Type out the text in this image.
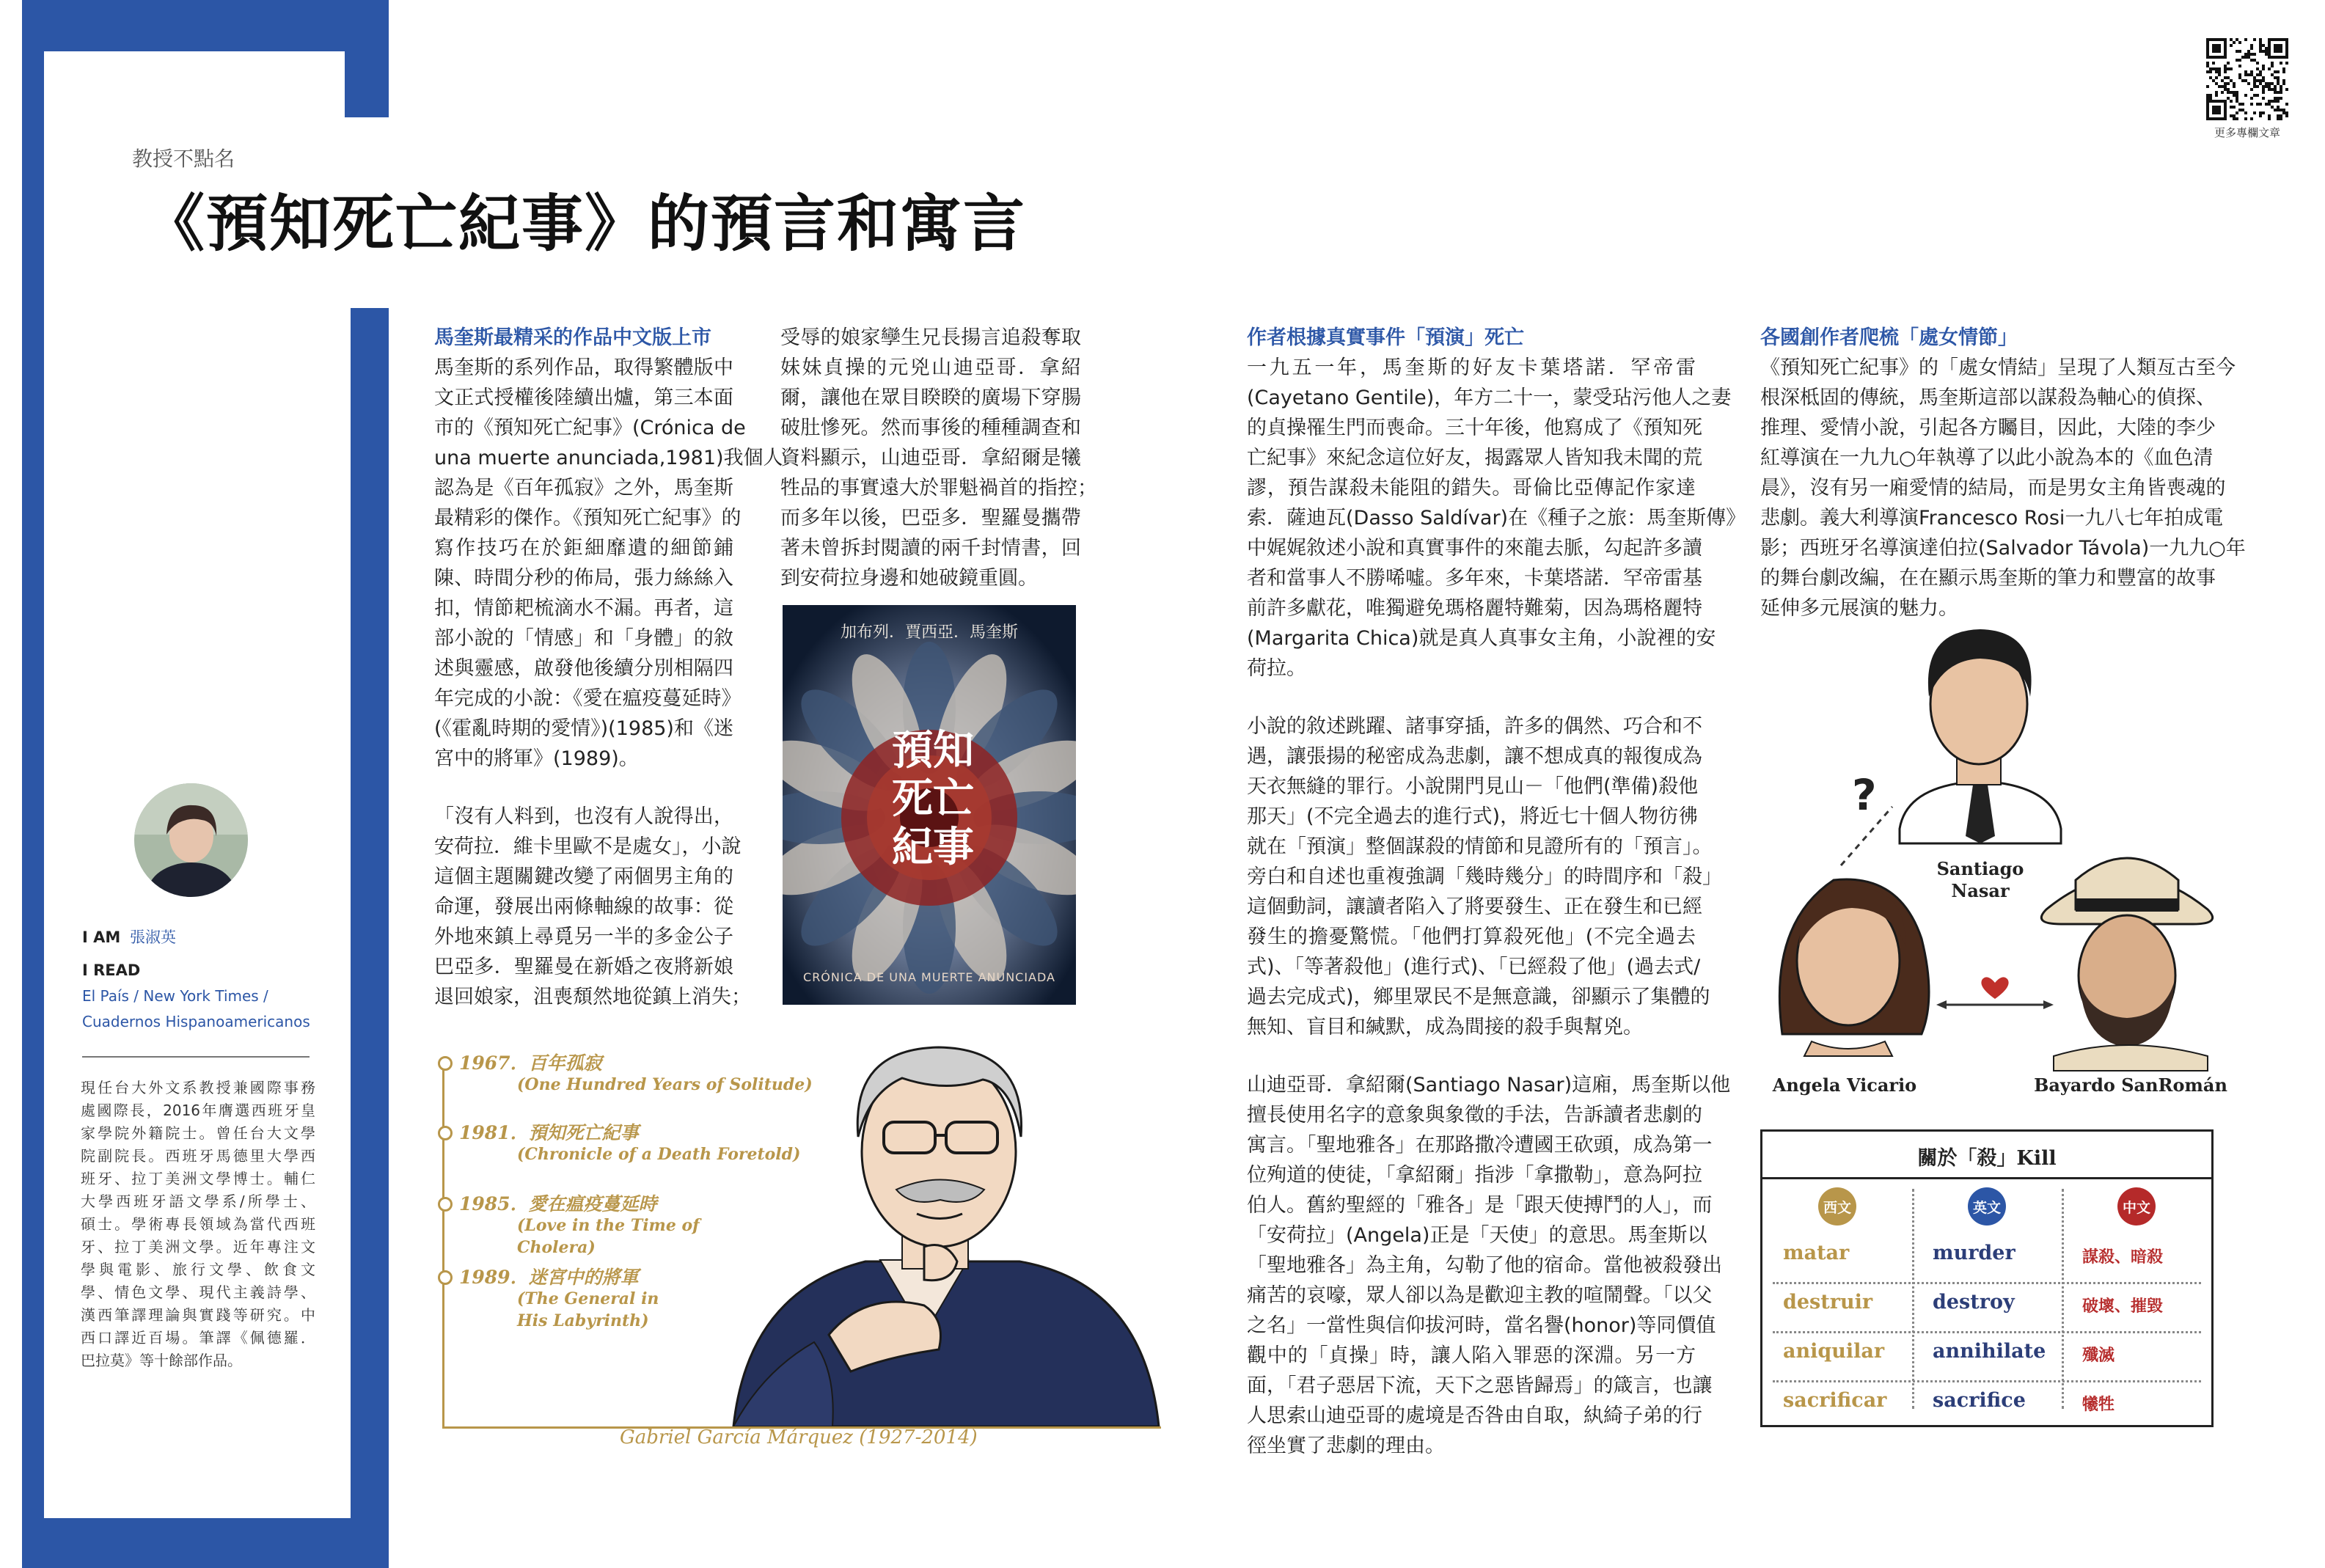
教授不點名
《預知死亡紀事》的預言和寓言
更多專欄文章
I AM 張淑英
I READ
El País / New York Times /
Cuadernos Hispanoamericanos
現任台大外文系教授兼國際事務
處國際長，2016年膺選西班牙皇
家學院外籍院士。曾任台大文學
院副院長。西班牙馬德里大學西
班牙、拉丁美洲文學博士。輔仁
大學西班牙語文學系/所學士、
碩士。學術專長領域為當代西班
牙、拉丁美洲文學。近年專注文
學與電影、旅行文學、飲食文
學、情色文學、現代主義詩學、
漢西筆譯理論與實踐等研究。中
西口譯近百場。筆譯《佩德羅．
巴拉莫》等十餘部作品。
馬奎斯最精采的作品中文版上市
馬奎斯的系列作品，取得繁體版中
文正式授權後陸續出爐，第三本面
市的《預知死亡紀事》(Crónica de
una muerte anunciada,1981)我個人
認為是《百年孤寂》之外，馬奎斯
最精彩的傑作。《預知死亡紀事》的
寫作技巧在於鉅細靡遺的細節鋪
陳、時間分秒的佈局，張力絲絲入
扣，情節耙梳滴水不漏。再者，這
部小說的「情感」和「身體」的敘
述與靈感，啟發他後續分別相隔四
年完成的小說：《愛在瘟疫蔓延時》
(《霍亂時期的愛情》)(1985)和《迷
宮中的將軍》(1989)。
「沒有人料到，也沒有人說得出，
安荷拉．維卡里歐不是處女」，小說
這個主題關鍵改變了兩個男主角的
命運，發展出兩條軸線的故事：從
外地來鎮上尋覓另一半的多金公子
巴亞多．聖羅曼在新婚之夜將新娘
退回娘家，沮喪頹然地從鎮上消失；
受辱的娘家孿生兄長揚言追殺奪取
妹妹貞操的元兇山迪亞哥．拿紹
爾，讓他在眾目睽睽的廣場下穿腸
破肚慘死。然而事後的種種調查和
資料顯示，山迪亞哥．拿紹爾是犧
牲品的事實遠大於罪魁禍首的指控；
而多年以後，巴亞多．聖羅曼攜帶
著未曾拆封閱讀的兩千封情書，回
到安荷拉身邊和她破鏡重圓。
加布列．賈西亞．馬奎斯
預知
死亡
紀事
CRÓNICA DE UNA MUERTE ANUNCIADA
1967．百年孤寂
(One Hundred Years of Solitude)
1981．預知死亡紀事
(Chronicle of a Death Foretold)
1985．愛在瘟疫蔓延時
(Love in the Time of
Cholera)
1989．迷宮中的將軍
(The General in
His Labyrinth)
Gabriel García Márquez (1927-2014)
作者根據真實事件「預演」死亡
一九五一年，馬奎斯的好友卡葉塔諾．罕帝雷
(Cayetano Gentile)，年方二十一，蒙受玷污他人之妻
的貞操罹生門而喪命。三十年後，他寫成了《預知死
亡紀事》來紀念這位好友，揭露眾人皆知我未聞的荒
謬，預告謀殺未能阻的錯失。哥倫比亞傳記作家達
索．薩迪瓦(Dasso Saldívar)在《種子之旅：馬奎斯傳》
中娓娓敘述小說和真實事件的來龍去脈，勾起許多讀
者和當事人不勝唏噓。多年來，卡葉塔諾．罕帝雷基
前許多獻花，唯獨避免瑪格麗特難菊，因為瑪格麗特
(Margarita Chica)就是真人真事女主角，小說裡的安
荷拉。
小說的敘述跳躍、諸事穿插，許多的偶然、巧合和不
遇，讓張揚的秘密成為悲劇，讓不想成真的報復成為
天衣無縫的罪行。小說開門見山－「他們(準備)殺他
那天」(不完全過去的進行式)，將近七十個人物彷彿
就在「預演」整個謀殺的情節和見證所有的「預言」。
旁白和自述也重複強調「幾時幾分」的時間序和「殺」
這個動詞，讓讀者陷入了將要發生、正在發生和已經
發生的擔憂驚慌。「他們打算殺死他」(不完全過去
式)、「等著殺他」(進行式)、「已經殺了他」(過去式/
過去完成式)，鄉里眾民不是無意識，卻顯示了集體的
無知、盲目和緘默，成為間接的殺手與幫兇。
山迪亞哥．拿紹爾(Santiago Nasar)這廂，馬奎斯以他
擅長使用名字的意象與象徵的手法，告訴讀者悲劇的
寓言。「聖地雅各」在那路撒冷遭國王砍頭，成為第一
位殉道的使徒，「拿紹爾」指涉「拿撒勒」，意為阿拉
伯人。舊約聖經的「雅各」是「跟天使搏鬥的人」，而
「安荷拉」(Angela)正是「天使」的意思。馬奎斯以
「聖地雅各」為主角，勾勒了他的宿命。當他被殺發出
痛苦的哀嚎，眾人卻以為是歡迎主教的喧鬧聲。「以父
之名」一當性與信仰拔河時，當名譽(honor)等同價值
觀中的「貞操」時，讓人陷入罪惡的深淵。另一方
面，「君子惡居下流，天下之惡皆歸焉」的箴言，也讓
人思索山迪亞哥的處境是否咎由自取，紈綺子弟的行
徑坐實了悲劇的理由。
各國創作者爬梳「處女情節」
《預知死亡紀事》的「處女情結」呈現了人類亙古至今
根深柢固的傳統，馬奎斯這部以謀殺為軸心的偵探、
推理、愛情小說，引起各方矚目，因此，大陸的李少
紅導演在一九九○年執導了以此小說為本的《血色清
晨》，沒有另一廂愛情的結局，而是男女主角皆喪魂的
悲劇。義大利導演Francesco Rosi一九八七年拍成電
影；西班牙名導演達伯拉(Salvador Távola)一九九○年
的舞台劇改編，在在顯示馬奎斯的筆力和豐富的故事
延伸多元展演的魅力。
?
Santiago
Nasar
Angela Vicario	Bayardo SanRomán
關於「殺」Kill
西文	英文	中文
matar	murder	謀殺、暗殺
destruir	destroy	破壞、摧毀
aniquilar annihilate 殲滅
sacrificar sacrifice	犧牲
